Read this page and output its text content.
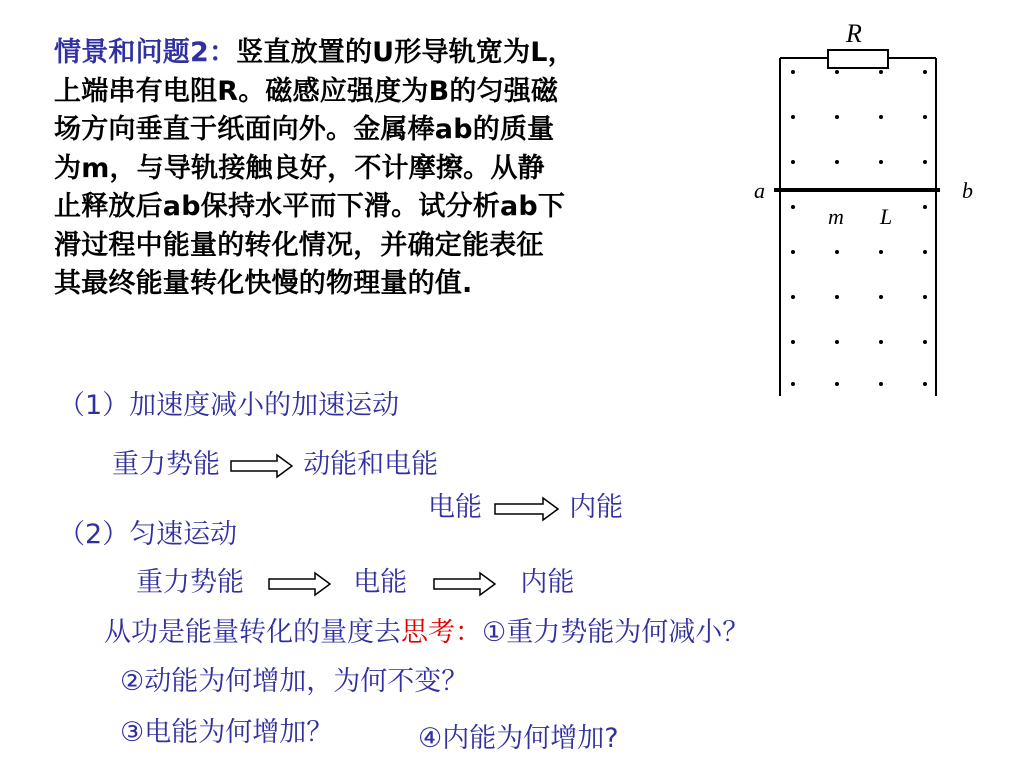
情景和问题2：竖直放置的U形导轨宽为L，
上端串有电阻R。磁感应强度为B的匀强磁
场方向垂直于纸面向外。金属棒ab的质量
为m，与导轨接触良好，不计摩擦。从静
止释放后ab保持水平而下滑。试分析ab下
滑过程中能量的转化情况，并确定能表征
其最终能量转化快慢的物理量的值.
R
a	b
m L
（1）加速度减小的加速运动
重力势能	动能和电能
电能	内能
（2）匀速运动
重力势能	电能	内能
从功是能量转化的量度去思考：①重力势能为何减小？
②动能为何增加，为何不变？
③电能为何增加？	④内能为何增加?
